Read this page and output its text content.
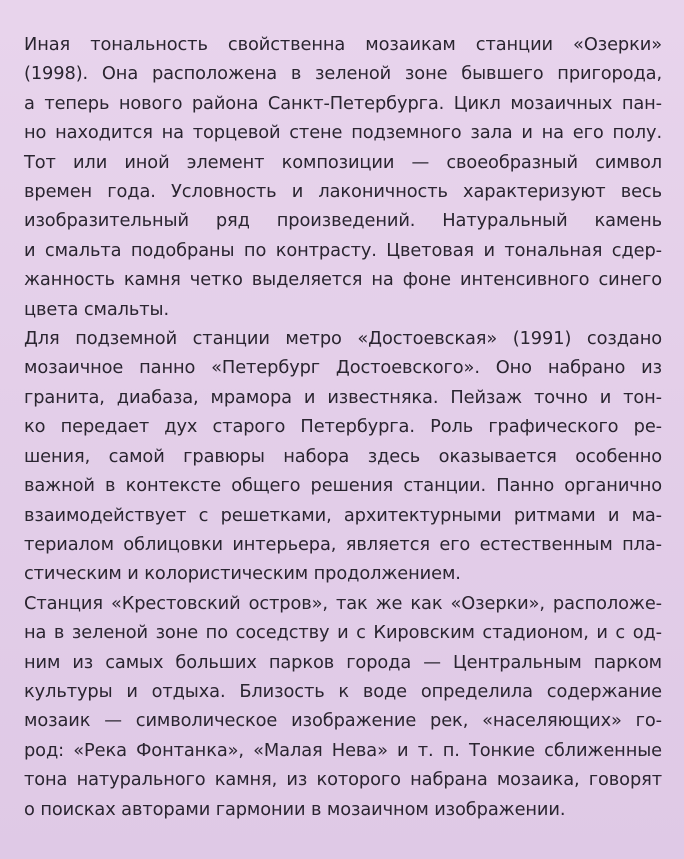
Иная тональность свойственна мозаикам станции «Озерки»
(1998). Она расположена в зеленой зоне бывшего пригорода,
а теперь нового района Санкт-Петербурга. Цикл мозаичных пан-
но находится на торцевой стене подземного зала и на его полу.
Тот или иной элемент композиции — своеобразный символ
времен года. Условность и лаконичность характеризуют весь
изобразительный ряд произведений. Натуральный камень
и смальта подобраны по контрасту. Цветовая и тональная сдер-
жанность камня четко выделяется на фоне интенсивного синего
цвета смальты.

Для подземной станции метро «Достоевская» (1991) создано
мозаичное панно «Петербург Достоевского». Оно набрано из
гранита, диабаза, мрамора и известняка. Пейзаж точно и тон-
ко передает дух старого Петербурга. Роль графического ре-
шения, самой гравюры набора здесь оказывается особенно
важной в контексте общего решения станции. Панно органично
взаимодействует с решетками, архитектурными ритмами и ма-
териалом облицовки интерьера, является его естественным пла-
стическим и колористическим продолжением.

Станция «Крестовский остров», так же как «Озерки», расположе-
на в зеленой зоне по соседству и с Кировским стадионом, и с од-
ним из самых больших парков города — Центральным парком
культуры и отдыха. Близость к воде определила содержание
мозаик — символическое изображение рек, «населяющих» го-
род: «Река Фонтанка», «Малая Нева» и т. п. Тонкие сближенные
тона натурального камня, из которого набрана мозаика, говорят
о поисках авторами гармонии в мозаичном изображении.
